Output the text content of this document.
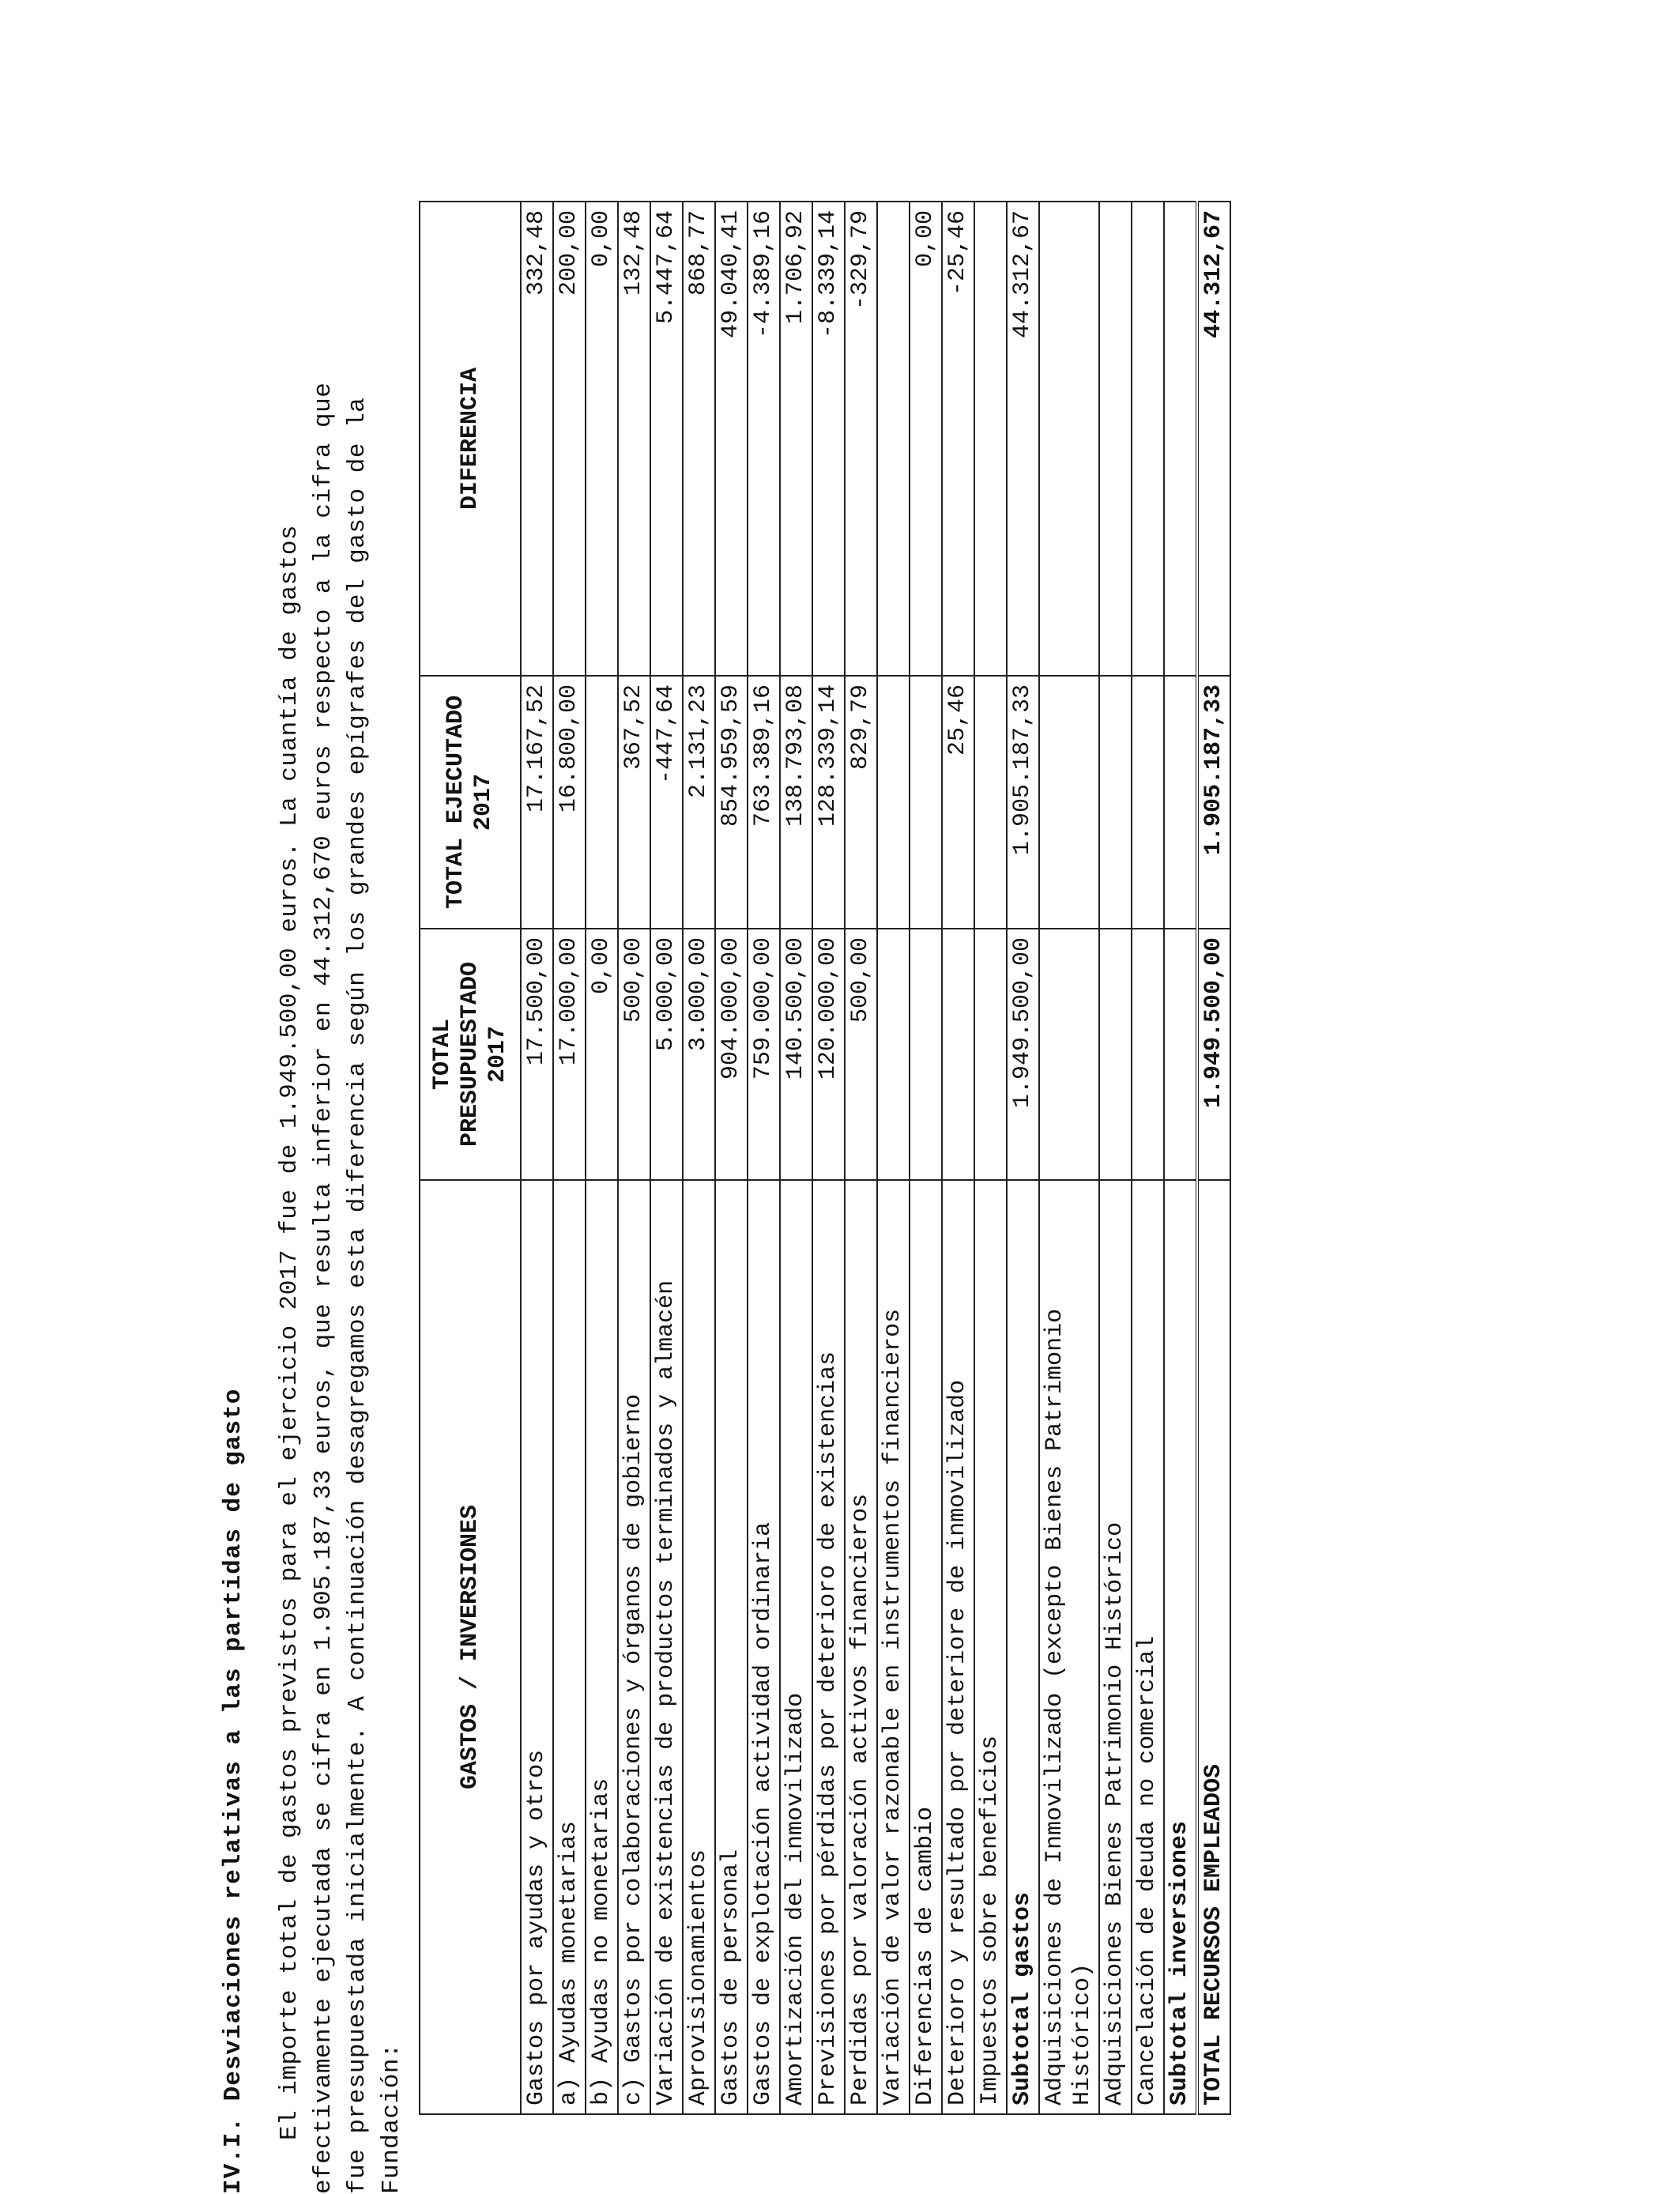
IV.I. Desviaciones relativas a las partidas de gasto El importe total de gastos previstos para el ejercicio 2017 fue de 1.949.500,00 euros. La cuantía de gastos efectivamente ejecutada se cifra en 1.905.187,33 euros, que resulta inferior en 44.312,670 euros respecto a la cifra que fue presupuestada inicialmente. A continuación desagregamos esta diferencia según los grandes epígrafes del gasto de la Fundación:

GASTOS / INVERSIONES	TOTAL PRESUPUESTADO 2017	TOTAL EJECUTADO 2017	DIFERENCIA
Gastos por ayudas y otros	17.500,00	17.167,52	332,48
a) Ayudas monetarias	17.000,00	16.800,00	200,00
b) Ayudas no monetarias	0,00		0,00
c) Gastos por colaboraciones y órganos de gobierno	500,00	367,52	132,48
Variación de existencias de productos terminados y almacén	5.000,00	-447,64	5.447,64
Aprovisionamientos	3.000,00	2.131,23	868,77
Gastos de personal	904.000,00	854.959,59	49.040,41
Gastos de explotación actividad ordinaria	759.000,00	763.389,16	-4.389,16
Amortización del inmovilizado	140.500,00	138.793,08	1.706,92
Previsiones por pérdidas por deterioro de existencias	120.000,00	128.339,14	-8.339,14
Perdidas por valoración activos financieros	500,00	829,79	-329,79
Variación de valor razonable en instrumentos financieros			
Diferencias de cambio			0,00
Deterioro y resultado por deteriore de inmovilizado		25,46	-25,46
Impuestos sobre beneficios			
Subtotal gastos	1.949.500,00	1.905.187,33	44.312,67
Adquisiciones de Inmovilizado (excepto Bienes Patrimonio Histórico)			
Adquisiciones Bienes Patrimonio Histórico			
Cancelación de deuda no comercial			
Subtotal inversiones			
TOTAL RECURSOS EMPLEADOS	1.949.500,00	1.905.187,33	44.312,67
